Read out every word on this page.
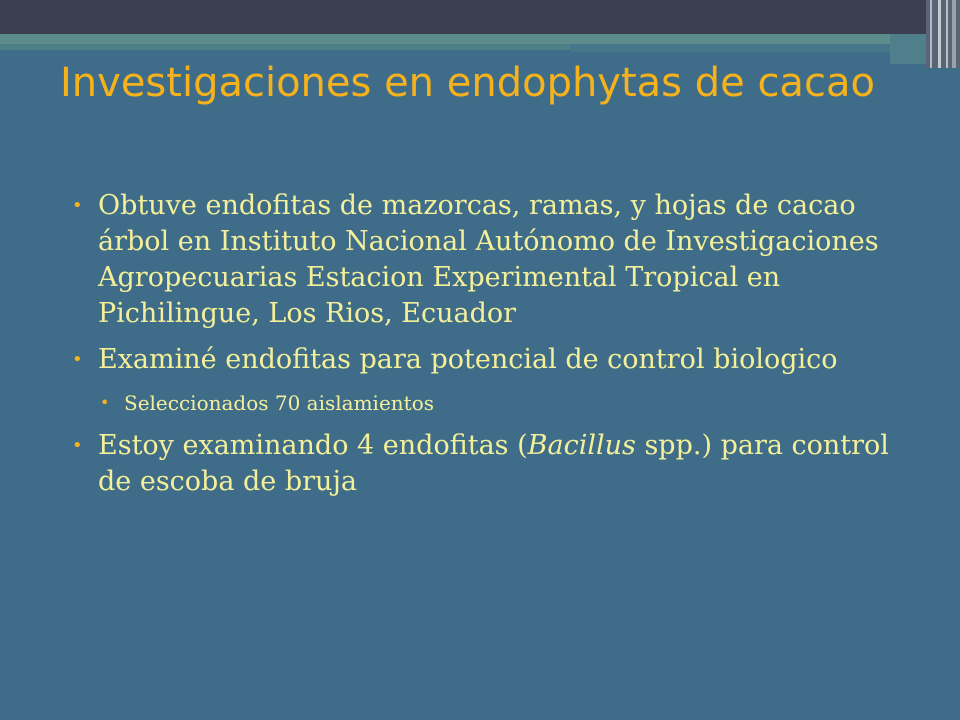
Investigaciones en endophytas de cacao
• Obtuve endofitas de mazorcas, ramas, y hojas de cacao árbol en Instituto Nacional Autónomo de Investigaciones Agropecuarias Estacion Experimental Tropical en Pichilingue, Los Rios, Ecuador
• Examiné endofitas para potencial de control biologico
• Seleccionados 70 aislamientos
• Estoy examinando 4 endofitas (Bacillus spp.) para control de escoba de bruja
